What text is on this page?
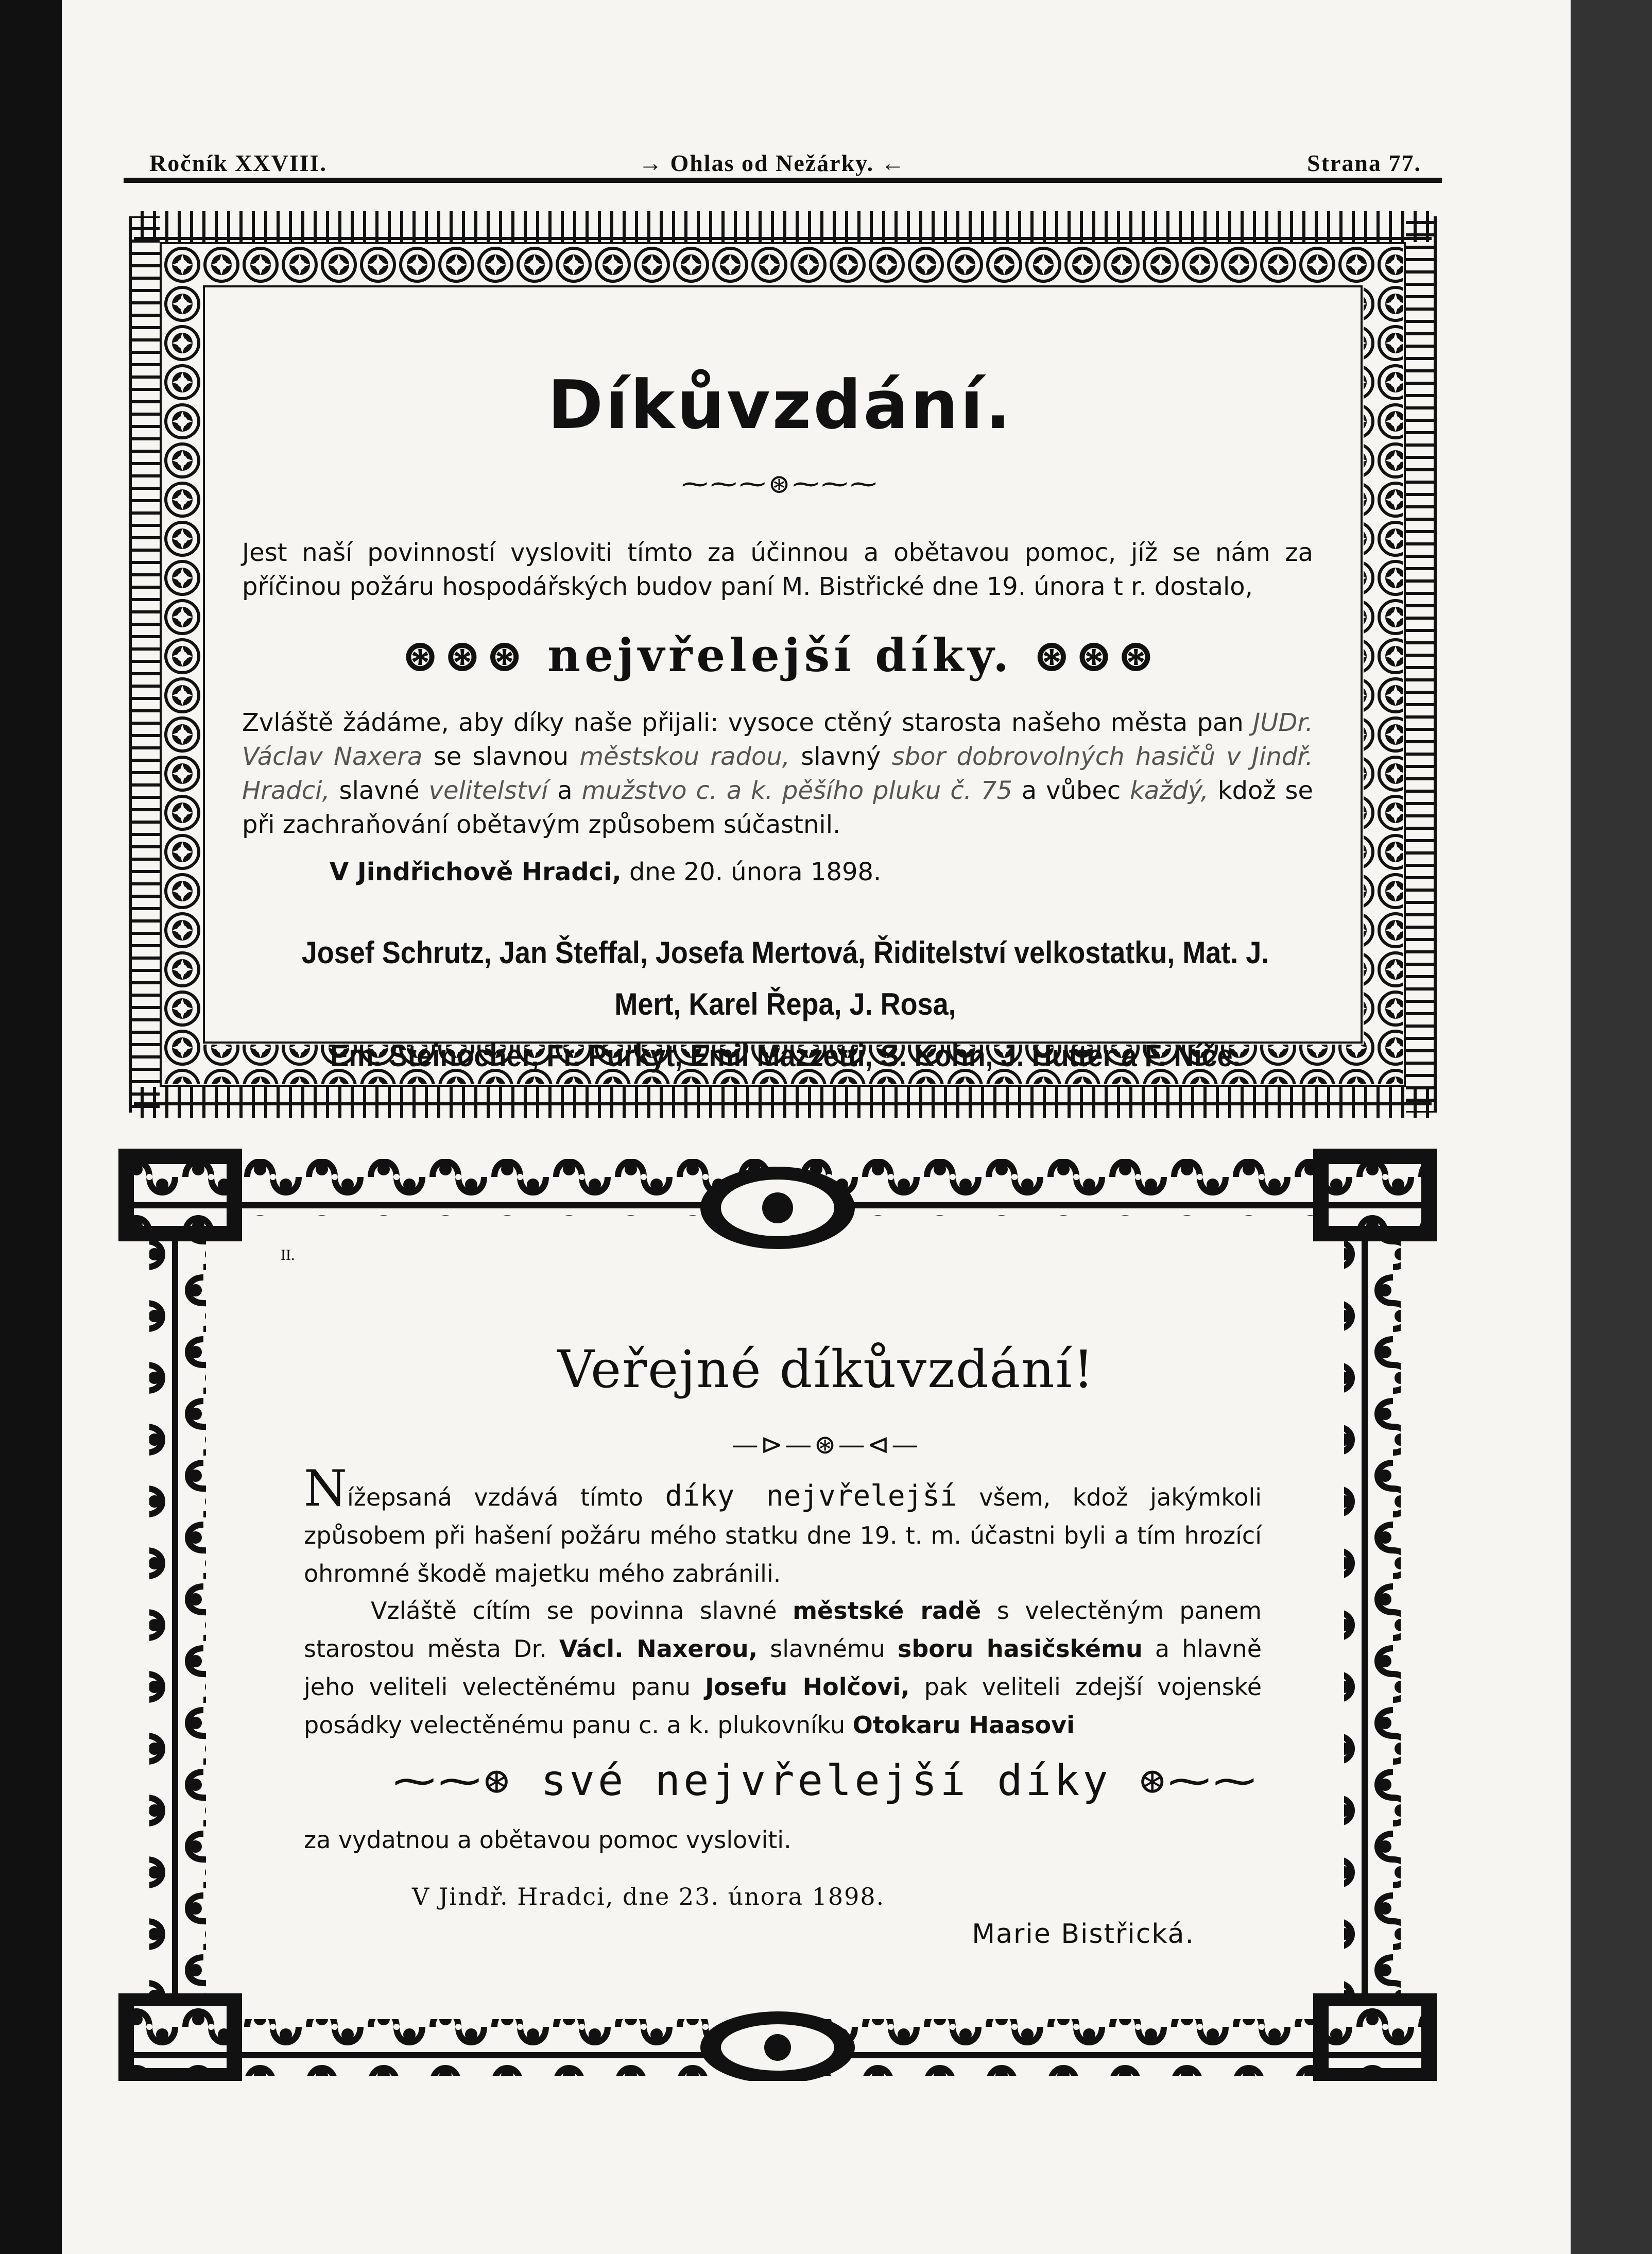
Ročník XXVIII.	→ Ohlas od Nežárky. ←	Strana 77.
Díkůvzdání.
⁓⁓⁓⊛⁓⁓⁓
Jest naší povinností vysloviti tímto za účinnou a obětavou pomoc, jíž se nám za příčinou požáru hospodářských budov paní M. Bistřické dne 19. února t r. dostalo,
⊛⊛⊛ nejvřelejší díky. ⊛⊛⊛
Zvláště žádáme, aby díky naše přijali: vysoce ctěný starosta našeho města pan JUDr. Václav Naxera se slavnou městskou radou, slavný sbor dobrovolných hasičů v Jindř. Hradci, slavné velitelství a mužstvo c. a k. pěšího pluku č. 75 a vůbec každý, kdož se při zachraňování obětavým způsobem súčastnil.
V Jindřichově Hradci, dne 20. února 1898.
Josef Schrutz, Jan Šteffal, Josefa Mertová, Řiditelství velkostatku, Mat. J. Mert, Karel Řepa, J. Rosa,
Em. Steinocher, Fr. Purkyt, Emil Mazzetti, S. Kohn, J. Hutter a F. Níče.
II.
Veřejné díkůvzdání!
—⊳—⊛—⊲—
Nížepsaná vzdává tímto díky nejvřelejší všem, kdož jakýmkoli způsobem při hašení požáru mého statku dne 19. t. m. účastni byli a tím hrozící ohromné škodě majetku mého zabránili.
Vzláště cítím se povinna slavné městské radě s velectěným panem starostou města Dr. Václ. Naxerou, slavnému sboru hasičskému a hlavně jeho veliteli velectěnému panu Josefu Holčovi, pak veliteli zdejší vojenské posádky velectěnému panu c. a k. plukovníku Otokaru Haasovi
⁓⁓⊛ své nejvřelejší díky ⊛⁓⁓
za vydatnou a obětavou pomoc vysloviti.
V Jindř. Hradci, dne 23. února 1898.
Marie Bistřická.
